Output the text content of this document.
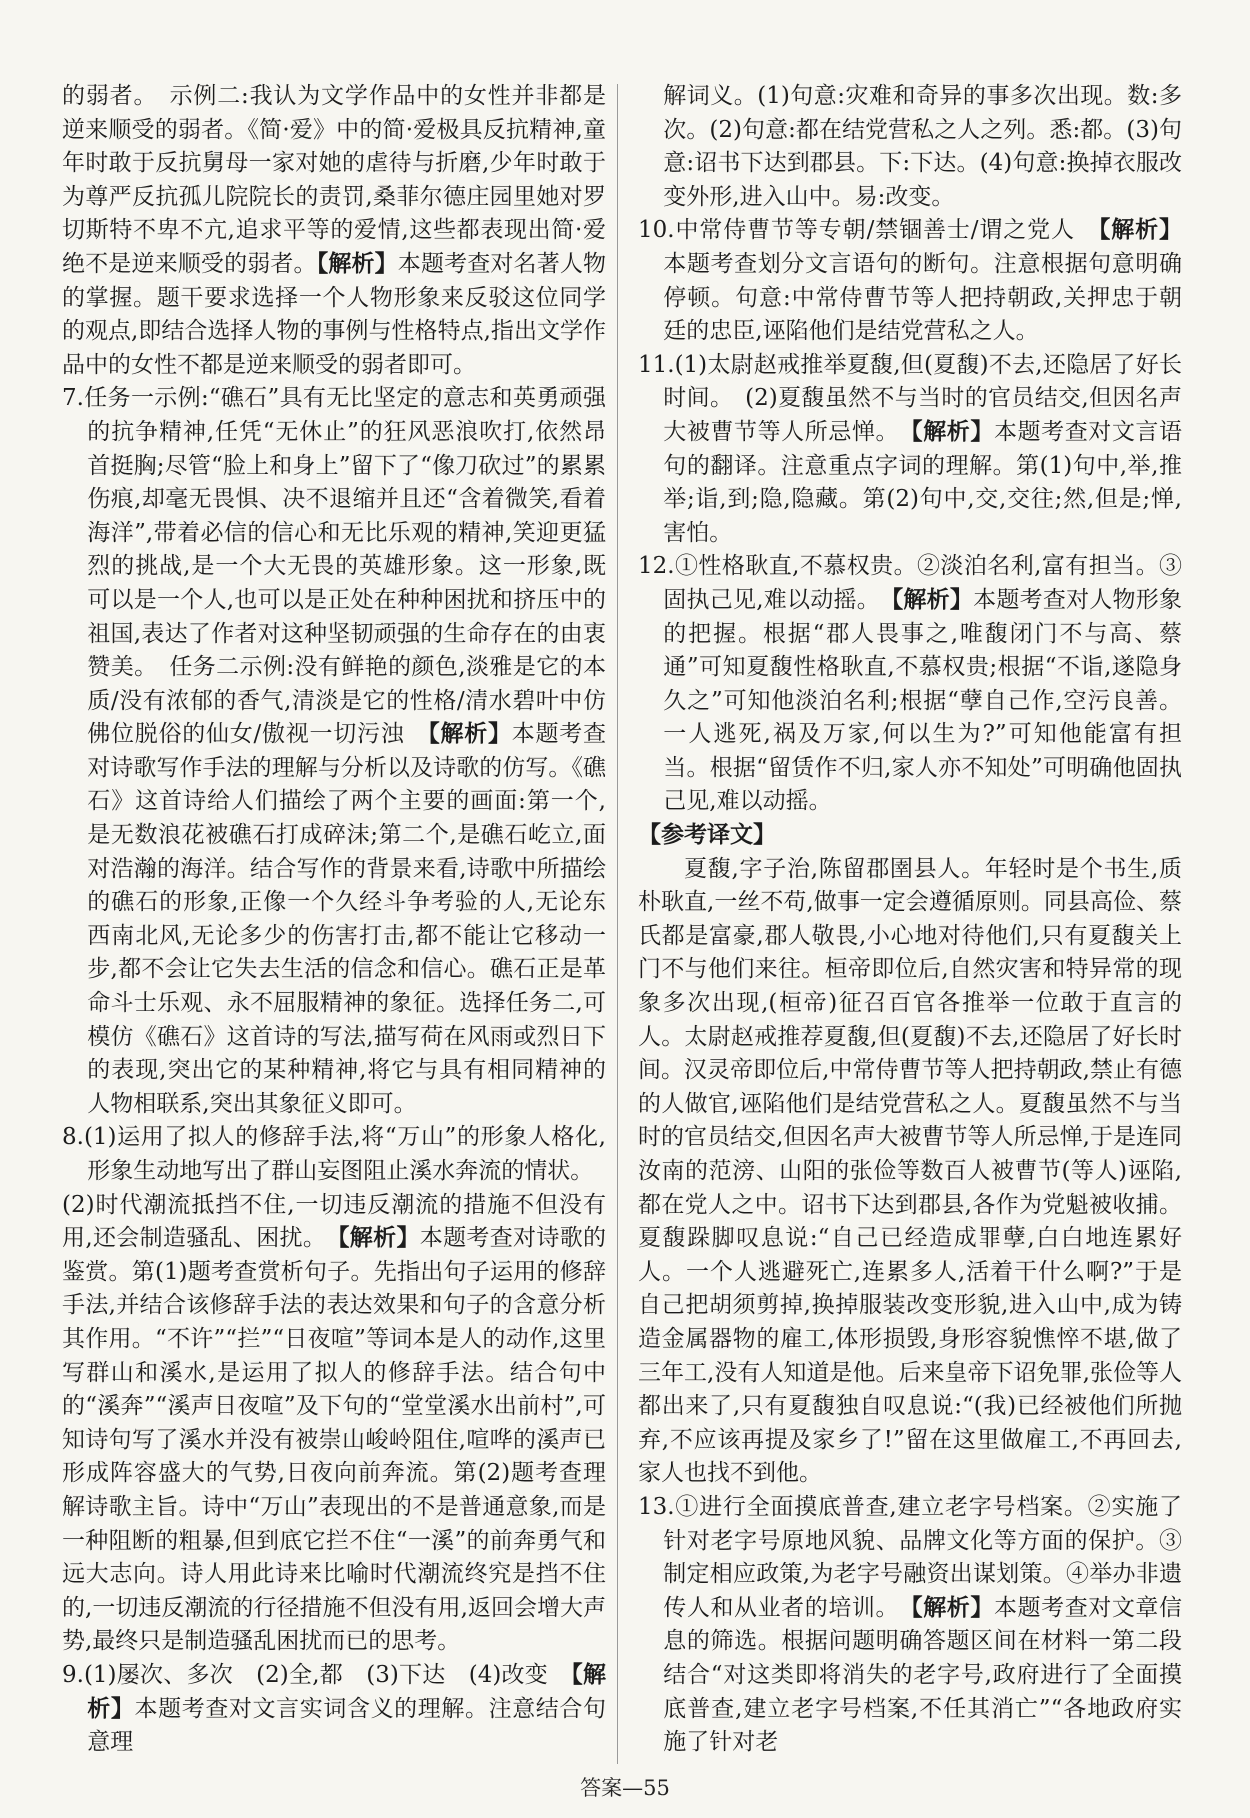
的弱者。　示例二:我认为文学作品中的女性并非都是逆来顺受的弱者。《简·爱》中的简·爱极具反抗精神,童年时敢于反抗舅母一家对她的虐待与折磨,少年时敢于为尊严反抗孤儿院院长的责罚,桑菲尔德庄园里她对罗切斯特不卑不亢,追求平等的爱情,这些都表现出简·爱绝不是逆来顺受的弱者。【解析】本题考查对名著人物的掌握。题干要求选择一个人物形象来反驳这位同学的观点,即结合选择人物的事例与性格特点,指出文学作品中的女性不都是逆来顺受的弱者即可。

7.任务一示例:“礁石”具有无比坚定的意志和英勇顽强的抗争精神,任凭“无休止”的狂风恶浪吹打,依然昂首挺胸;尽管“脸上和身上”留下了“像刀砍过”的累累伤痕,却毫无畏惧、决不退缩并且还“含着微笑,看着海洋”,带着必信的信心和无比乐观的精神,笑迎更猛烈的挑战,是一个大无畏的英雄形象。这一形象,既可以是一个人,也可以是正处在种种困扰和挤压中的祖国,表达了作者对这种坚韧顽强的生命存在的由衷赞美。　任务二示例:没有鲜艳的颜色,淡雅是它的本质/没有浓郁的香气,清淡是它的性格/清水碧叶中仿佛位脱俗的仙女/傲视一切污浊　 【解析】本题考查对诗歌写作手法的理解与分析以及诗歌的仿写。《礁石》这首诗给人们描绘了两个主要的画面:第一个,是无数浪花被礁石打成碎沫;第二个,是礁石屹立,面对浩瀚的海洋。结合写作的背景来看,诗歌中所描绘的礁石的形象,正像一个久经斗争考验的人,无论东西南北风,无论多少的伤害打击,都不能让它移动一步,都不会让它失去生活的信念和信心。礁石正是革命斗士乐观、永不屈服精神的象征。选择任务二,可模仿《礁石》这首诗的写法,描写荷在风雨或烈日下的表现,突出它的某种精神,将它与具有相同精神的人物相联系,突出其象征义即可。

8.(1)运用了拟人的修辞手法,将“万山”的形象人格化,形象生动地写出了群山妄图阻止溪水奔流的情状。

(2)时代潮流抵挡不住,一切违反潮流的措施不但没有用,还会制造骚乱、困扰。　 【解析】本题考查对诗歌的鉴赏。第(1)题考查赏析句子。先指出句子运用的修辞手法,并结合该修辞手法的表达效果和句子的含意分析其作用。“不许”“拦”“日夜喧”等词本是人的动作,这里写群山和溪水,是运用了拟人的修辞手法。结合句中的“溪奔”“溪声日夜喧”及下句的“堂堂溪水出前村”,可知诗句写了溪水并没有被崇山峻岭阻住,喧哗的溪声已形成阵容盛大的气势,日夜向前奔流。第(2)题考查理解诗歌主旨。诗中“万山”表现出的不是普通意象,而是一种阻断的粗暴,但到底它拦不住“一溪”的前奔勇气和远大志向。诗人用此诗来比喻时代潮流终究是挡不住的,一切违反潮流的行径措施不但没有用,返回会增大声势,最终只是制造骚乱困扰而已的思考。

9.(1)屡次、多次　(2)全,都　(3)下达　(4)改变　 【解析】本题考查对文言实词含义的理解。注意结合句意理

解词义。(1)句意:灾难和奇异的事多次出现。数:多次。(2)句意:都在结党营私之人之列。悉:都。(3)句意:诏书下达到郡县。下:下达。(4)句意:换掉衣服改变外形,进入山中。易:改变。

10.中常侍曹节等专朝/禁锢善士/谓之党人　 【解析】本题考查划分文言语句的断句。注意根据句意明确停顿。句意:中常侍曹节等人把持朝政,关押忠于朝廷的忠臣,诬陷他们是结党营私之人。

11.(1)太尉赵戒推举夏馥,但(夏馥)不去,还隐居了好长时间。　(2)夏馥虽然不与当时的官员结交,但因名声大被曹节等人所忌惮。　 【解析】本题考查对文言语句的翻译。注意重点字词的理解。第(1)句中,举,推举;诣,到;隐,隐藏。第(2)句中,交,交往;然,但是;惮,害怕。

12.①性格耿直,不慕权贵。②淡泊名利,富有担当。③固执己见,难以动摇。　 【解析】本题考查对人物形象的把握。根据“郡人畏事之,唯馥闭门不与高、蔡通”可知夏馥性格耿直,不慕权贵;根据“不诣,遂隐身久之”可知他淡泊名利;根据“孽自己作,空污良善。一人逃死,祸及万家,何以生为?”可知他能富有担当。根据“留赁作不归,家人亦不知处”可明确他固执己见,难以动摇。

【参考译文】

夏馥,字子治,陈留郡圉县人。年轻时是个书生,质朴耿直,一丝不苟,做事一定会遵循原则。同县高俭、蔡氏都是富豪,郡人敬畏,小心地对待他们,只有夏馥关上门不与他们来往。桓帝即位后,自然灾害和特异常的现象多次出现,(桓帝)征召百官各推举一位敢于直言的人。太尉赵戒推荐夏馥,但(夏馥)不去,还隐居了好长时间。汉灵帝即位后,中常侍曹节等人把持朝政,禁止有德的人做官,诬陷他们是结党营私之人。夏馥虽然不与当时的官员结交,但因名声大被曹节等人所忌惮,于是连同汝南的范滂、山阳的张俭等数百人被曹节(等人)诬陷,都在党人之中。诏书下达到郡县,各作为党魁被收捕。夏馥跺脚叹息说:“自己已经造成罪孽,白白地连累好人。一个人逃避死亡,连累多人,活着干什么啊?”于是自己把胡须剪掉,换掉服装改变形貌,进入山中,成为铸造金属器物的雇工,体形损毁,身形容貌憔悴不堪,做了三年工,没有人知道是他。后来皇帝下诏免罪,张俭等人都出来了,只有夏馥独自叹息说:“(我)已经被他们所抛弃,不应该再提及家乡了!”留在这里做雇工,不再回去,家人也找不到他。

13.①进行全面摸底普查,建立老字号档案。②实施了针对老字号原地风貌、品牌文化等方面的保护。③制定相应政策,为老字号融资出谋划策。④举办非遗传人和从业者的培训。　 【解析】本题考查对文章信息的筛选。根据问题明确答题区间在材料一第二段结合“对这类即将消失的老字号,政府进行了全面摸底普查,建立老字号档案,不任其消亡”“各地政府实施了针对老

答案—55
